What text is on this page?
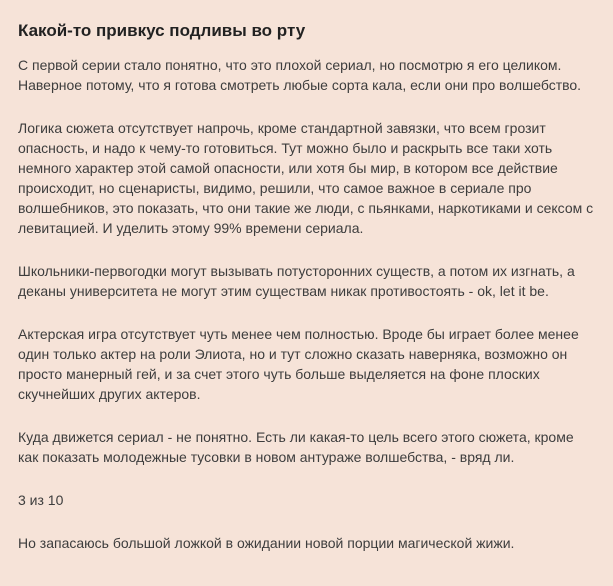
Какой-то привкус подливы во рту

С первой серии стало понятно, что это плохой сериал, но посмотрю я его целиком. Наверное потому, что я готова смотреть любые сорта кала, если они про волшебство.

Логика сюжета отсутствует напрочь, кроме стандартной завязки, что всем грозит опасность, и надо к чему-то готовиться. Тут можно было и раскрыть все таки хоть немного характер этой самой опасности, или хотя бы мир, в котором все действие происходит, но сценаристы, видимо, решили, что самое важное в сериале про волшебников, это показать, что они такие же люди, с пьянками, наркотиками и сексом с левитацией. И уделить этому 99% времени сериала.

Школьники-первогодки могут вызывать потусторонних существ, а потом их изгнать, а деканы университета не могут этим существам никак противостоять - ok, let it be.

Актерская игра отсутствует чуть менее чем полностью. Вроде бы играет более менее один только актер на роли Элиота, но и тут сложно сказать наверняка, возможно он просто манерный гей, и за счет этого чуть больше выделяется на фоне плоских скучнейших других актеров.

Куда движется сериал - не понятно. Есть ли какая-то цель всего этого сюжета, кроме как показать молодежные тусовки в новом антураже волшебства, - вряд ли.

3 из 10

Но запасаюсь большой ложкой в ожидании новой порции магической жижи.
